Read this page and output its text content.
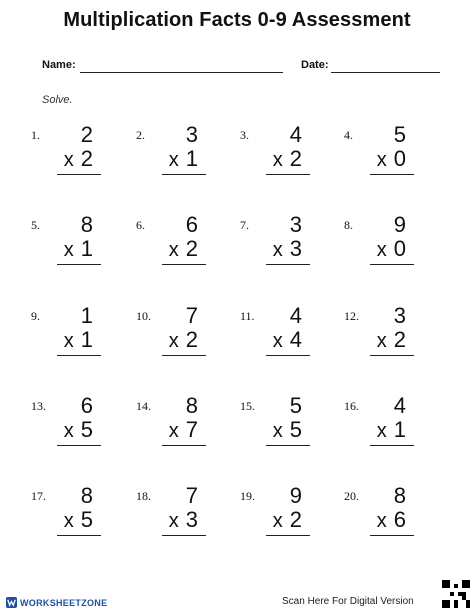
Multiplication Facts 0-9 Assessment
Name:	Date:
Solve.
1. 2
x 2
2. 3
x 1
3. 4
x 2
4. 5
x 0
5. 8
x 1
6. 6
x 2
7. 3
x 3
8. 9
x 0
9. 1
x 1
10. 7
x 2
11. 4
x 4
12. 3
x 2
13. 6
x 5
14. 8
x 7
15. 5
x 5
16. 4
x 1
17. 8
x 5
18. 7
x 3
19. 9
x 2
20. 8
x 6
WORKSHEETZONE	Scan Here For Digital Version
